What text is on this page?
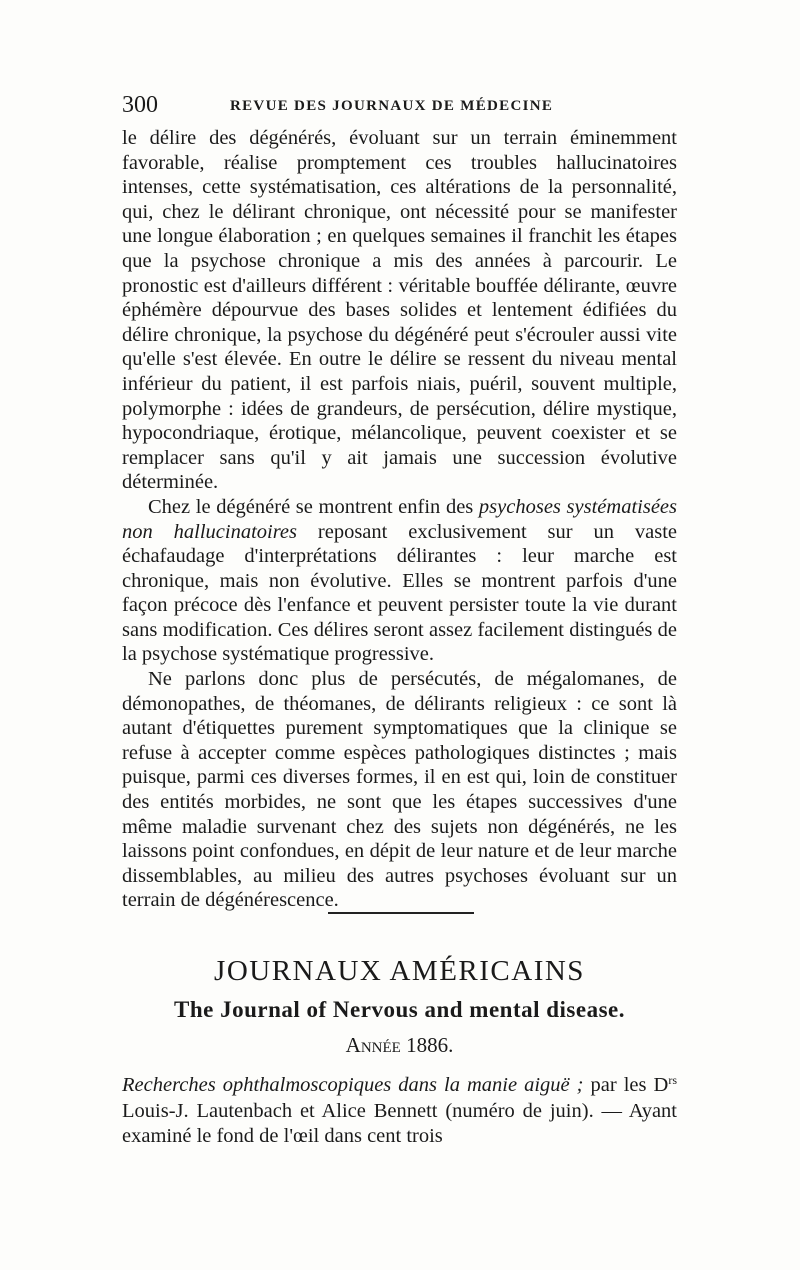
300	REVUE DES JOURNAUX DE MÉDECINE

le délire des dégénérés, évoluant sur un terrain éminemment favorable, réalise promptement ces troubles hallucinatoires intenses, cette systématisation, ces altérations de la personnalité, qui, chez le délirant chronique, ont nécessité pour se manifester une longue élaboration ; en quelques semaines il franchit les étapes que la psychose chronique a mis des années à parcourir. Le pronostic est d'ailleurs différent : véritable bouffée délirante, œuvre éphémère dépourvue des bases solides et lentement édifiées du délire chronique, la psychose du dégénéré peut s'écrouler aussi vite qu'elle s'est élevée. En outre le délire se ressent du niveau mental inférieur du patient, il est parfois niais, puéril, souvent multiple, polymorphe : idées de grandeurs, de persécution, délire mystique, hypocondriaque, érotique, mélancolique, peuvent coexister et se remplacer sans qu'il y ait jamais une succession évolutive déterminée.

Chez le dégénéré se montrent enfin des psychoses systématisées non hallucinatoires reposant exclusivement sur un vaste échafaudage d'interprétations délirantes : leur marche est chronique, mais non évolutive. Elles se montrent parfois d'une façon précoce dès l'enfance et peuvent persister toute la vie durant sans modification. Ces délires seront assez facilement distingués de la psychose systématique progressive.

Ne parlons donc plus de persécutés, de mégalomanes, de démonopathes, de théomanes, de délirants religieux : ce sont là autant d'étiquettes purement symptomatiques que la clinique se refuse à accepter comme espèces pathologiques distinctes ; mais puisque, parmi ces diverses formes, il en est qui, loin de constituer des entités morbides, ne sont que les étapes successives d'une même maladie survenant chez des sujets non dégénérés, ne les laissons point confondues, en dépit de leur nature et de leur marche dissemblables, au milieu des autres psychoses évoluant sur un terrain de dégénérescence.

JOURNAUX AMÉRICAINS
The Journal of Nervous and mental disease.
Année 1886.
Recherches ophthalmoscopiques dans la manie aiguë ; par les $D^{rs}$ Louis-J. Lautenbach et Alice Bennett (numéro de juin). — Ayant examiné le fond de l'œil dans cent trois
